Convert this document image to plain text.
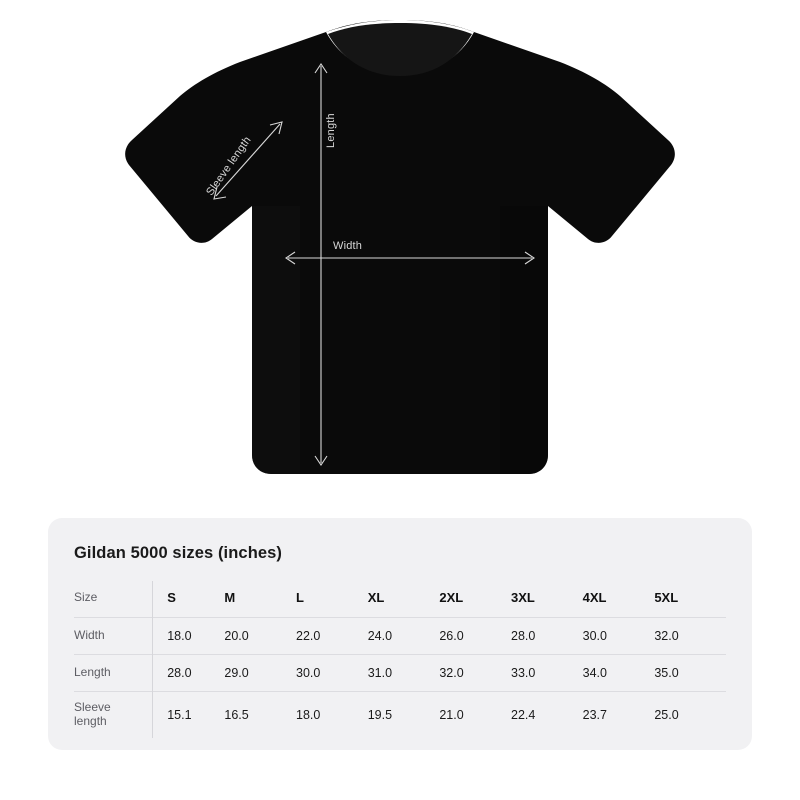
Length
Width
Sleeve length
Gildan 5000 sizes (inches)
Size	S	M	L	XL	2XL	3XL	4XL	5XL
Width	18.0	20.0	22.0	24.0	26.0	28.0	30.0	32.0
Length	28.0	29.0	30.0	31.0	32.0	33.0	34.0	35.0
Sleeve length	15.1	16.5	18.0	19.5	21.0	22.4	23.7	25.0
